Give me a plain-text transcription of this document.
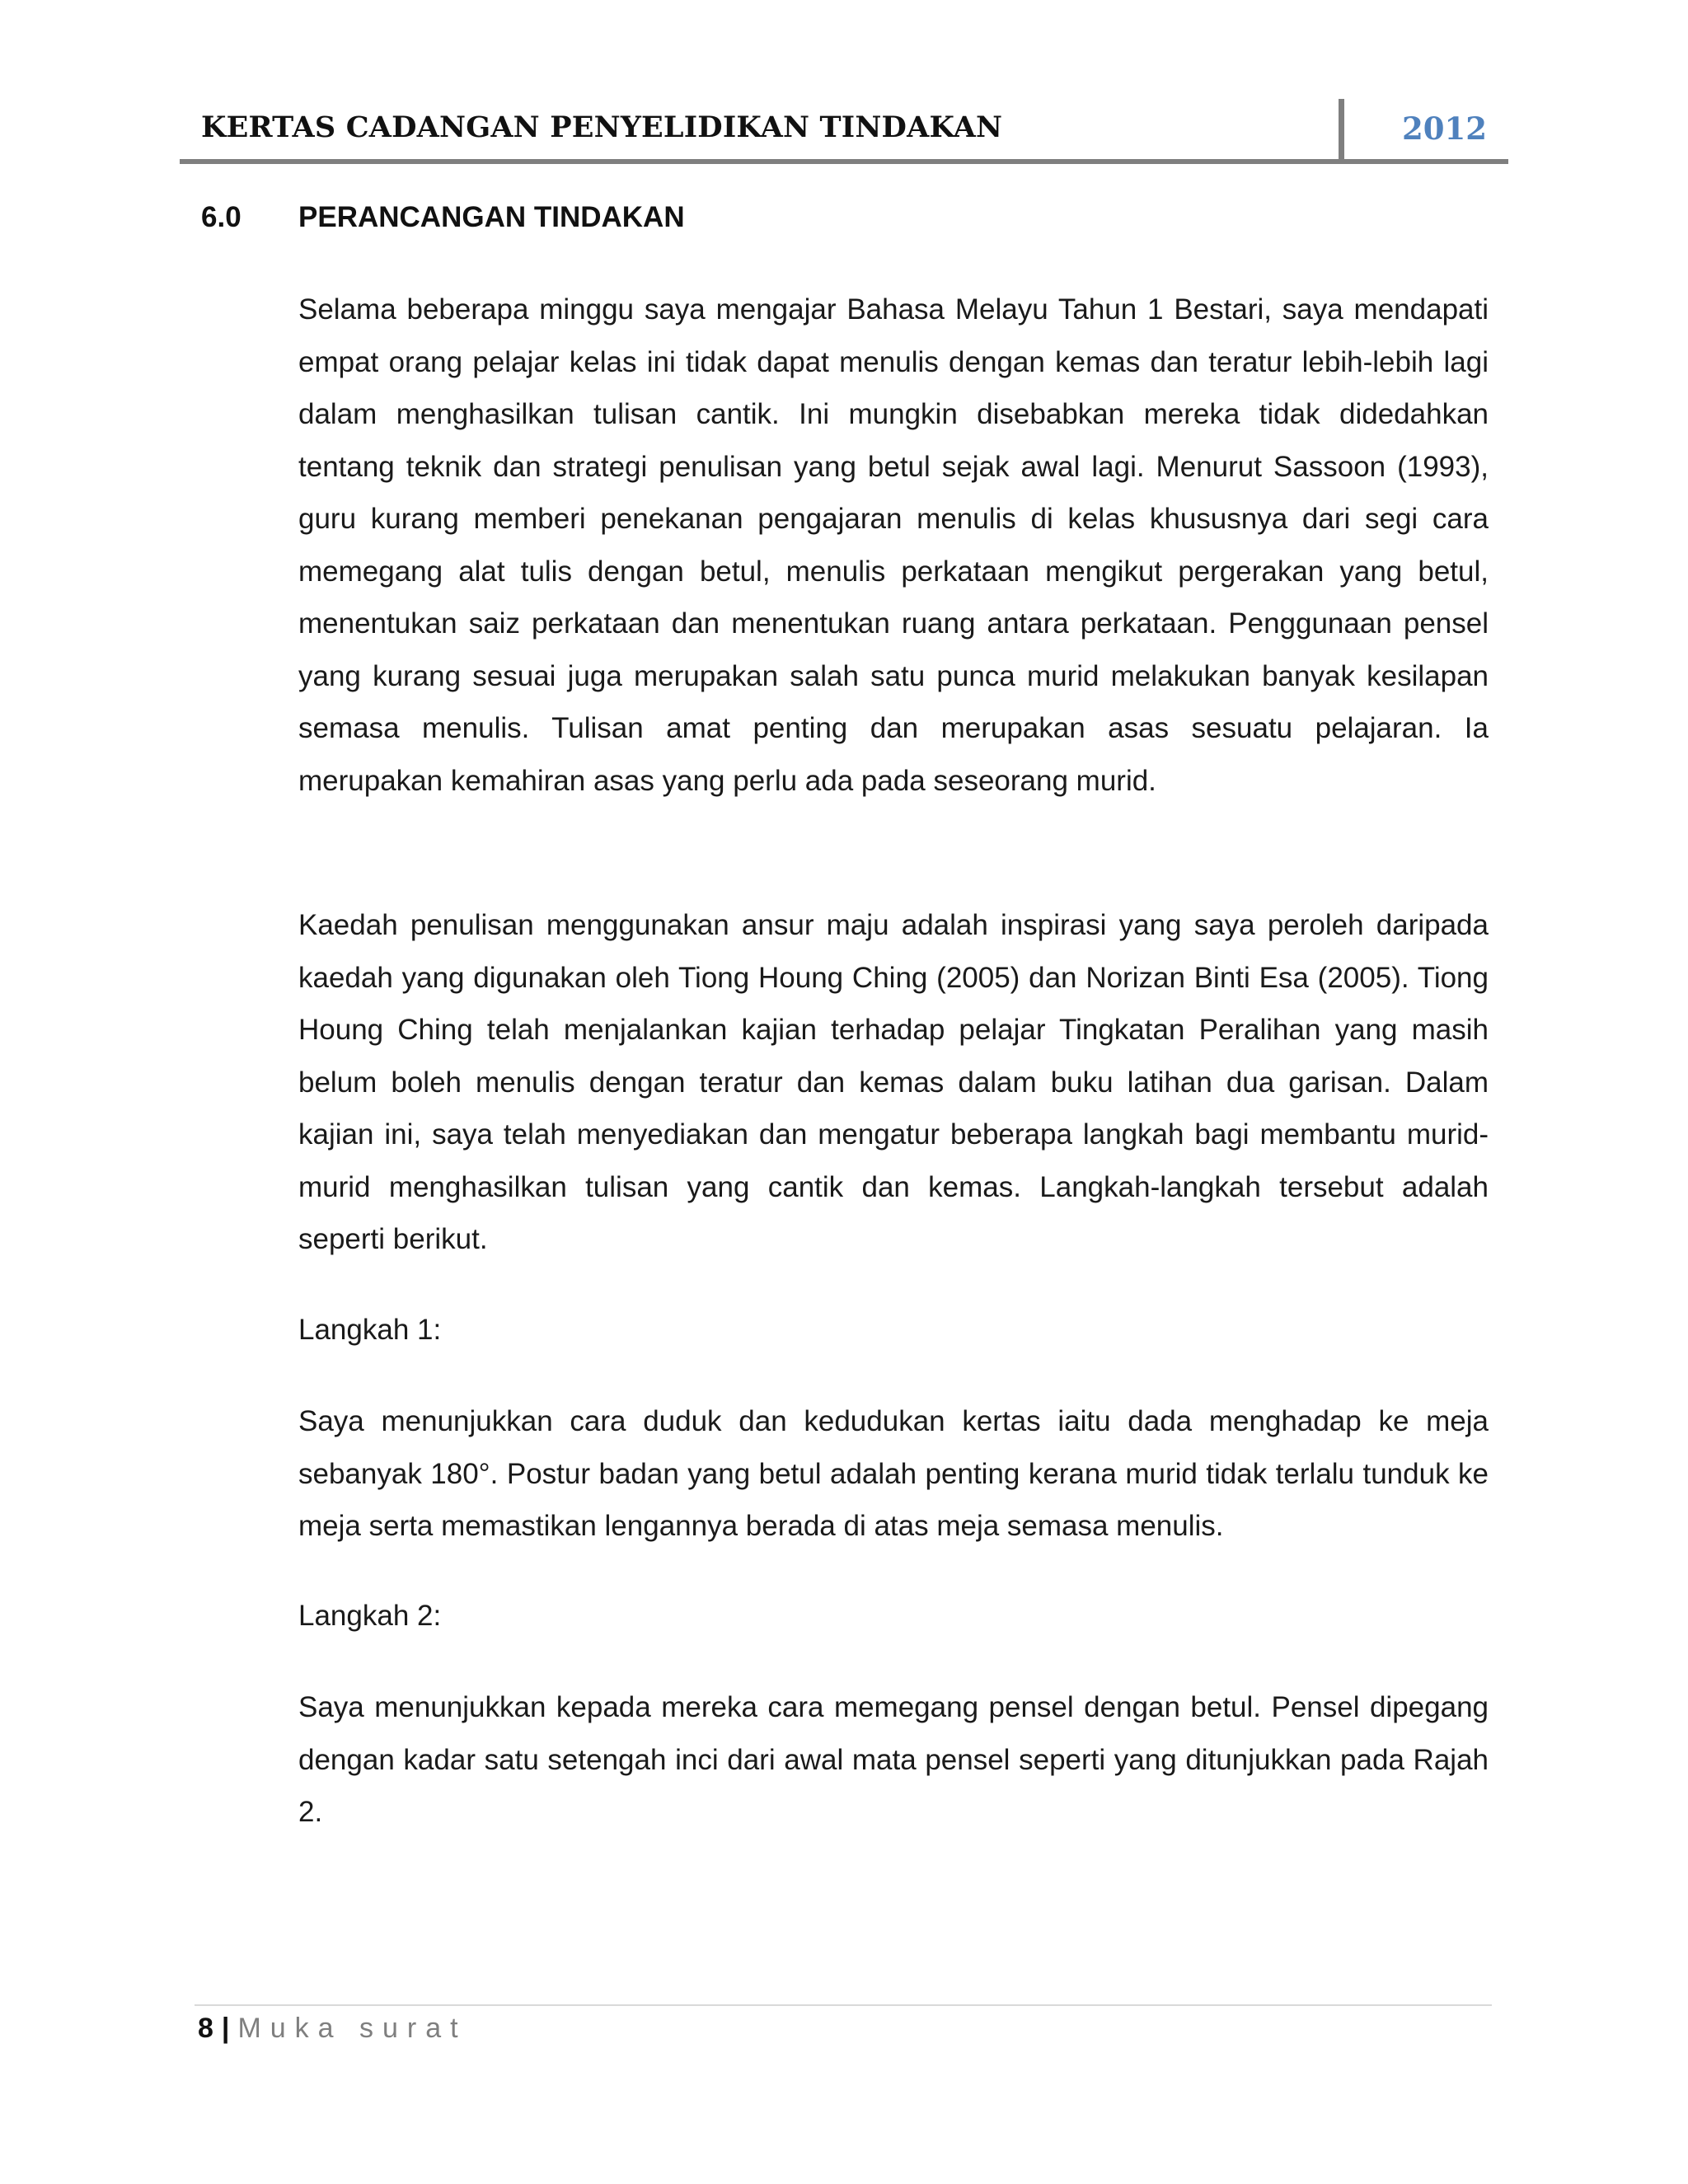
KERTAS CADANGAN PENYELIDIKAN TINDAKAN	2012
6.0 PERANCANGAN TINDAKAN

Selama beberapa minggu saya mengajar Bahasa Melayu Tahun 1 Bestari, saya mendapati empat orang pelajar kelas ini tidak dapat menulis dengan kemas dan teratur lebih-lebih lagi dalam menghasilkan tulisan cantik. Ini mungkin disebabkan mereka tidak didedahkan tentang teknik dan strategi penulisan yang betul sejak awal lagi. Menurut Sassoon (1993), guru kurang memberi penekanan pengajaran menulis di kelas khususnya dari segi cara memegang alat tulis dengan betul, menulis perkataan mengikut pergerakan yang betul, menentukan saiz perkataan dan menentukan ruang antara perkataan. Penggunaan pensel yang kurang sesuai juga merupakan salah satu punca murid melakukan banyak kesilapan semasa menulis. Tulisan amat penting dan merupakan asas sesuatu pelajaran. Ia merupakan kemahiran asas yang perlu ada pada seseorang murid.

Kaedah penulisan menggunakan ansur maju adalah inspirasi yang saya peroleh daripada kaedah yang digunakan oleh Tiong Houng Ching (2005) dan Norizan Binti Esa (2005). Tiong Houng Ching telah menjalankan kajian terhadap pelajar Tingkatan Peralihan yang masih belum boleh menulis dengan teratur dan kemas dalam buku latihan dua garisan. Dalam kajian ini, saya telah menyediakan dan mengatur beberapa langkah bagi membantu murid-murid menghasilkan tulisan yang cantik dan kemas. Langkah-langkah tersebut adalah seperti berikut.

Langkah 1:

Saya menunjukkan cara duduk dan kedudukan kertas iaitu dada menghadap ke meja sebanyak 180°. Postur badan yang betul adalah penting kerana murid tidak terlalu tunduk ke meja serta memastikan lengannya berada di atas meja semasa menulis.

Langkah 2:

Saya menunjukkan kepada mereka cara memegang pensel dengan betul. Pensel dipegang dengan kadar satu setengah inci dari awal mata pensel seperti yang ditunjukkan pada Rajah 2.

8 | Muka surat
